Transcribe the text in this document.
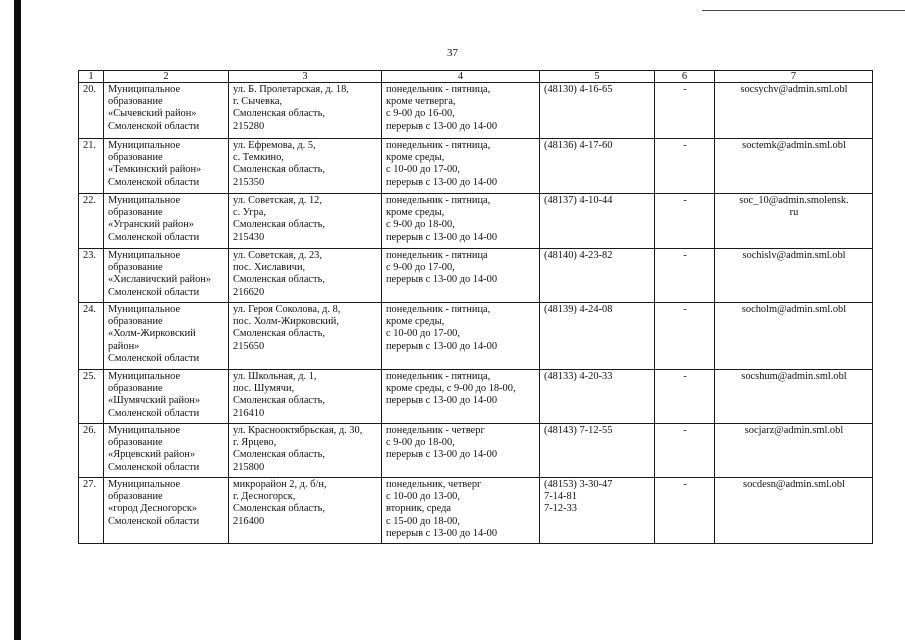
37
1	2	3	4	5	6	7
20.	Муниципальное
образование
«Сычевский район»
Смоленской области	ул. Б. Пролетарская, д. 18,
г. Сычевка,
Смоленская область,
215280	понедельник - пятница,
кроме четверга,
с 9-00 до 16-00,
перерыв с 13-00 до 14-00	(48130) 4-16-65	-	socsychv@admin.sml.obl

21.	Муниципальное
образование
«Темкинский район»
Смоленской области	ул. Ефремова, д. 5,
с. Темкино,
Смоленская область,
215350	понедельник - пятница,
кроме среды,
с 10-00 до 17-00,
перерыв с 13-00 до 14-00	(48136) 4-17-60	-	soctemk@admin.sml.obl

22.	Муниципальное
образование
«Угранский район»
Смоленской области	ул. Советская, д. 12,
с. Угра,
Смоленская область,
215430	понедельник - пятница,
кроме среды,
с 9-00 до 18-00,
перерыв с 13-00 до 14-00	(48137) 4-10-44	-	soc_10@admin.smolensk.
ru

23.	Муниципальное
образование
«Хиславичский район»
Смоленской области	ул. Советская, д. 23,
пос. Хиславичи,
Смоленская область,
216620	понедельник - пятница
с 9-00 до 17-00,
перерыв с 13-00 до 14-00	(48140) 4-23-82	-	sochislv@admin.sml.obl

24.	Муниципальное
образование
«Холм-Жирковский
район»
Смоленской области	ул. Героя Соколова, д. 8,
пос. Холм-Жирковский,
Смоленская область,
215650	понедельник - пятница,
кроме среды,
с 10-00 до 17-00,
перерыв с 13-00 до 14-00	(48139) 4-24-08	-	socholm@admin.sml.obl

25.	Муниципальное
образование
«Шумячский район»
Смоленской области	ул. Школьная, д. 1,
пос. Шумячи,
Смоленская область,
216410	понедельник - пятница,
кроме среды, с 9-00 до 18-00,
перерыв с 13-00 до 14-00	(48133) 4-20-33	-	socshum@admin.sml.obl

26.	Муниципальное
образование
«Ярцевский район»
Смоленской области	ул. Краснооктябрьская, д. 30,
г. Ярцево,
Смоленская область,
215800	понедельник - четверг
с 9-00 до 18-00,
перерыв с 13-00 до 14-00	(48143) 7-12-55	-	socjarz@admin.sml.obl

27.	Муниципальное
образование
«город Десногорск»
Смоленской области	микрорайон 2, д. б/н,
г. Десногорск,
Смоленская область,
216400	понедельник, четверг
с 10-00 до 13-00,
вторник, среда
с 15-00 до 18-00,
перерыв с 13-00 до 14-00	(48153) 3-30-47
7-14-81
7-12-33	-	socdesn@admin.sml.obl
